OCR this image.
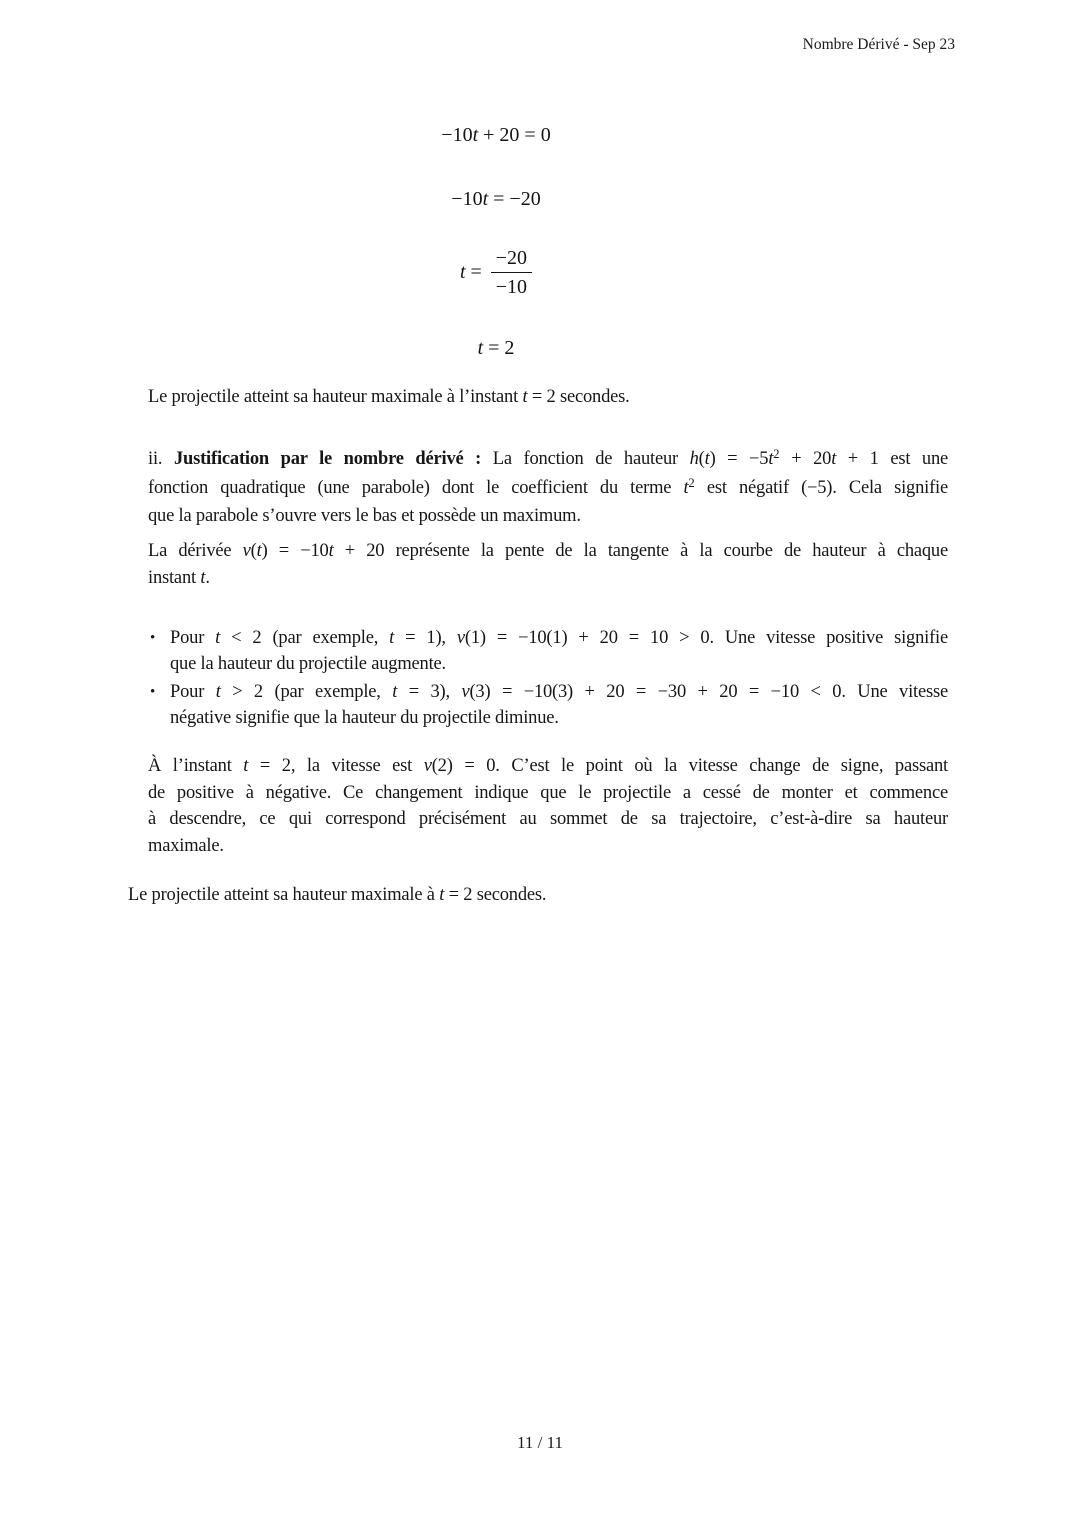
Nombre Dérivé - Sep 23
−10t + 20 = 0
−10t = −20
$t = \frac{-20}{-10}$
t = 2
Le projectile atteint sa hauteur maximale à l’instant t = 2 secondes.
ii. Justification par le nombre dérivé : La fonction de hauteur $h(t) = -5t^2 + 20t + 1$ est une
fonction quadratique (une parabole) dont le coefficient du terme $t^2$ est négatif (−5). Cela signifie
que la parabole s’ouvre vers le bas et possède un maximum.
La dérivée v(t) = −10t + 20 représente la pente de la tangente à la courbe de hauteur à chaque
instant t.
• Pour t < 2 (par exemple, t = 1), v(1) = −10(1) + 20 = 10 > 0. Une vitesse positive signifie
que la hauteur du projectile augmente.
• Pour t > 2 (par exemple, t = 3), v(3) = −10(3) + 20 = −30 + 20 = −10 < 0. Une vitesse
négative signifie que la hauteur du projectile diminue.
À l’instant t = 2, la vitesse est v(2) = 0. C’est le point où la vitesse change de signe, passant
de positive à négative. Ce changement indique que le projectile a cessé de monter et commence
à descendre, ce qui correspond précisément au sommet de sa trajectoire, c’est-à-dire sa hauteur
maximale.
Le projectile atteint sa hauteur maximale à t = 2 secondes.
11 / 11
